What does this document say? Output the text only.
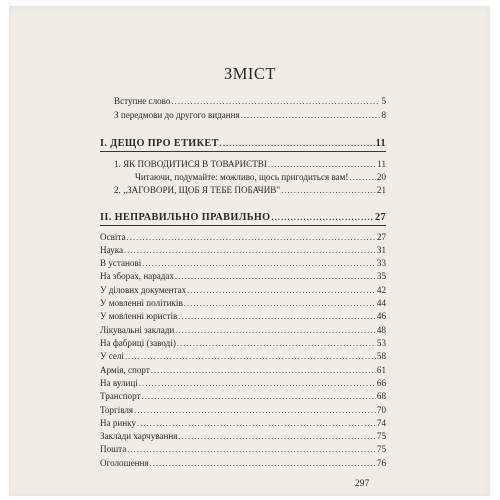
ЗМІСТ
Вступне слово .....	5
З передмови до другого видання .....	8
І. ДЕЩО ПРО ЕТИКЕТ .....	11
1. ЯК ПОВОДИТИСЯ В ТОВАРИСТВІ .....	11
Читаючи, подумайте: можливо, щось пригодиться вам! .....	20
2. „ЗАГОВОРИ, ЩОБ Я ТЕБЕ ПОБАЧИВ" .....	21
ІІ. НЕПРАВИЛЬНО ПРАВИЛЬНО .....	27
Освіта .....	27
Наука .....	31
В установі .....	33
На зборах, нарадах .....	35
У ділових документах .....	42
У мовленні політиків .....	44
У мовленні юристів .....	46
Лікувальні заклади .....	48
На фабриці (заводі) .....	53
У селі .....	58
Армія, спорт .....	61
На вулиці .....	66
Транспорт .....	68
Торгівля .....	70
На ринку .....	74
Заклади харчування .....	75
Пошта .....	75
Оголошення .....	76
297
